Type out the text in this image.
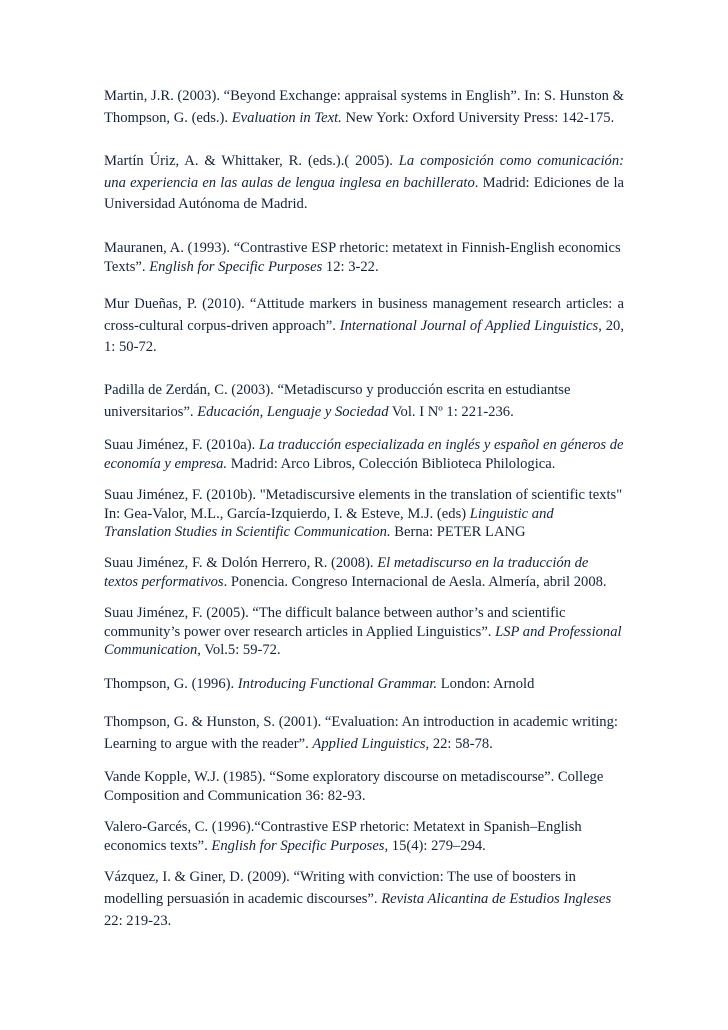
Martin, J.R. (2003). “Beyond Exchange: appraisal systems in English”. In: S. Hunston & Thompson, G. (eds.). Evaluation in Text. New York: Oxford University Press: 142-175.

Martín Úriz, A. & Whittaker, R. (eds.).( 2005). La composición como comunicación: una experiencia en las aulas de lengua inglesa en bachillerato. Madrid: Ediciones de la Universidad Autónoma de Madrid.

Mauranen, A. (1993). “Contrastive ESP rhetoric: metatext in Finnish-English economics Texts”. English for Specific Purposes 12: 3-22.

Mur Dueñas, P. (2010). “Attitude markers in business management research articles: a cross-cultural corpus-driven approach”. International Journal of Applied Linguistics, 20, 1: 50-72.

Padilla de Zerdán, C. (2003). “Metadiscurso y producción escrita en estudiantse universitarios”. Educación, Lenguaje y Sociedad Vol. I Nº 1: 221-236.

Suau Jiménez, F. (2010a). La traducción especializada en inglés y español en géneros de economía y empresa. Madrid: Arco Libros, Colección Biblioteca Philologica.

Suau Jiménez, F. (2010b). "Metadiscursive elements in the translation of scientific texts" In: Gea-Valor, M.L., García-Izquierdo, I. & Esteve, M.J. (eds) Linguistic and Translation Studies in Scientific Communication. Berna: PETER LANG

Suau Jiménez, F. & Dolón Herrero, R. (2008). El metadiscurso en la traducción de textos performativos. Ponencia. Congreso Internacional de Aesla. Almería, abril 2008.

Suau Jiménez, F. (2005). “The difficult balance between author’s and scientific community’s power over research articles in Applied Linguistics”. LSP and Professional Communication, Vol.5: 59-72.

Thompson, G. (1996). Introducing Functional Grammar. London: Arnold

Thompson, G. & Hunston, S. (2001). “Evaluation: An introduction in academic writing: Learning to argue with the reader”. Applied Linguistics, 22: 58-78.

Vande Kopple, W.J. (1985). “Some exploratory discourse on metadiscourse”. College Composition and Communication 36: 82-93.

Valero-Garcés, C. (1996).“Contrastive ESP rhetoric: Metatext in Spanish–English economics texts”. English for Specific Purposes, 15(4): 279–294.

Vázquez, I. & Giner, D. (2009). “Writing with conviction: The use of boosters in modelling persuasión in academic discourses”. Revista Alicantina de Estudios Ingleses 22: 219-23.
